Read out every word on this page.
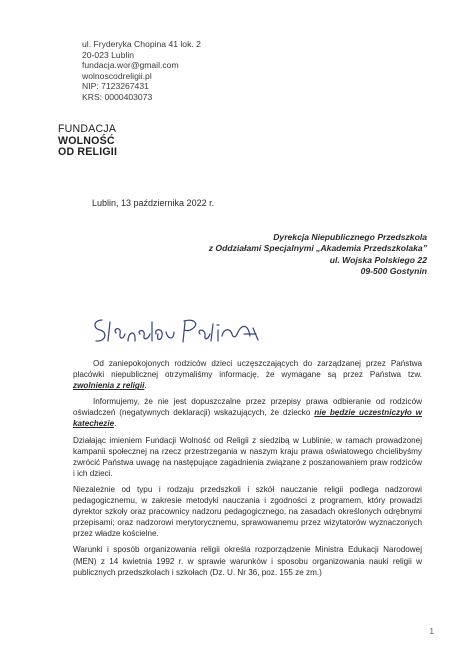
ul. Fryderyka Chopina 41 lok. 2
20-023 Lublin
fundacja.wor@gmail.com
wolnoscodreligii.pl
NIP: 7123267431
KRS: 0000403073
FUNDACJA
WOLNOŚĆ
OD RELIGII
Lublin, 13 października 2022 r.
Dyrekcja Niepublicznego Przedszkola
z Oddziałami Specjalnymi „Akademia Przedszkolaka”
ul. Wojska Polskiego 22
09-500 Gostynin

Od zaniepokojonych rodziców dzieci uczęszczających do zarządzanej przez Państwa placówki niepublicznej otrzymaliśmy informację, że wymagane są przez Państwa tzw. zwolnienia z religii.

Informujemy, że nie jest dopuszczalne przez przepisy prawa odbieranie od rodziców oświadczeń (negatywnych deklaracji) wskazujących, że dziecko nie będzie uczestniczyło w katechezie.

Działając imieniem Fundacji Wolność od Religii z siedzibą w Lublinie, w ramach prowadzonej kampanii społecznej na rzecz przestrzegania w naszym kraju prawa oświatowego chcielibyśmy zwrócić Państwa uwagę na następujące zagadnienia związane z poszanowaniem praw rodziców i ich dzieci.

Niezależnie od typu i rodzaju przedszkoli i szkół nauczanie religii podlega nadzorowi pedagogicznemu, w zakresie metodyki nauczania i zgodności z programem, który prowadzi dyrektor szkoły oraz pracownicy nadzoru pedagogicznego, na zasadach określonych odrębnymi przepisami; oraz nadzorowi merytorycznemu, sprawowanemu przez wizytatorów wyznaczonych przez władze kościelne.

Warunki i sposób organizowania religii określa rozporządzenie Ministra Edukacji Narodowej (MEN) z 14 kwietnia 1992 r. w sprawie warunków i sposobu organizowania nauki religii w publicznych przedszkolach i szkołach (Dz. U. Nr 36, poz. 155 ze zm.)

1
